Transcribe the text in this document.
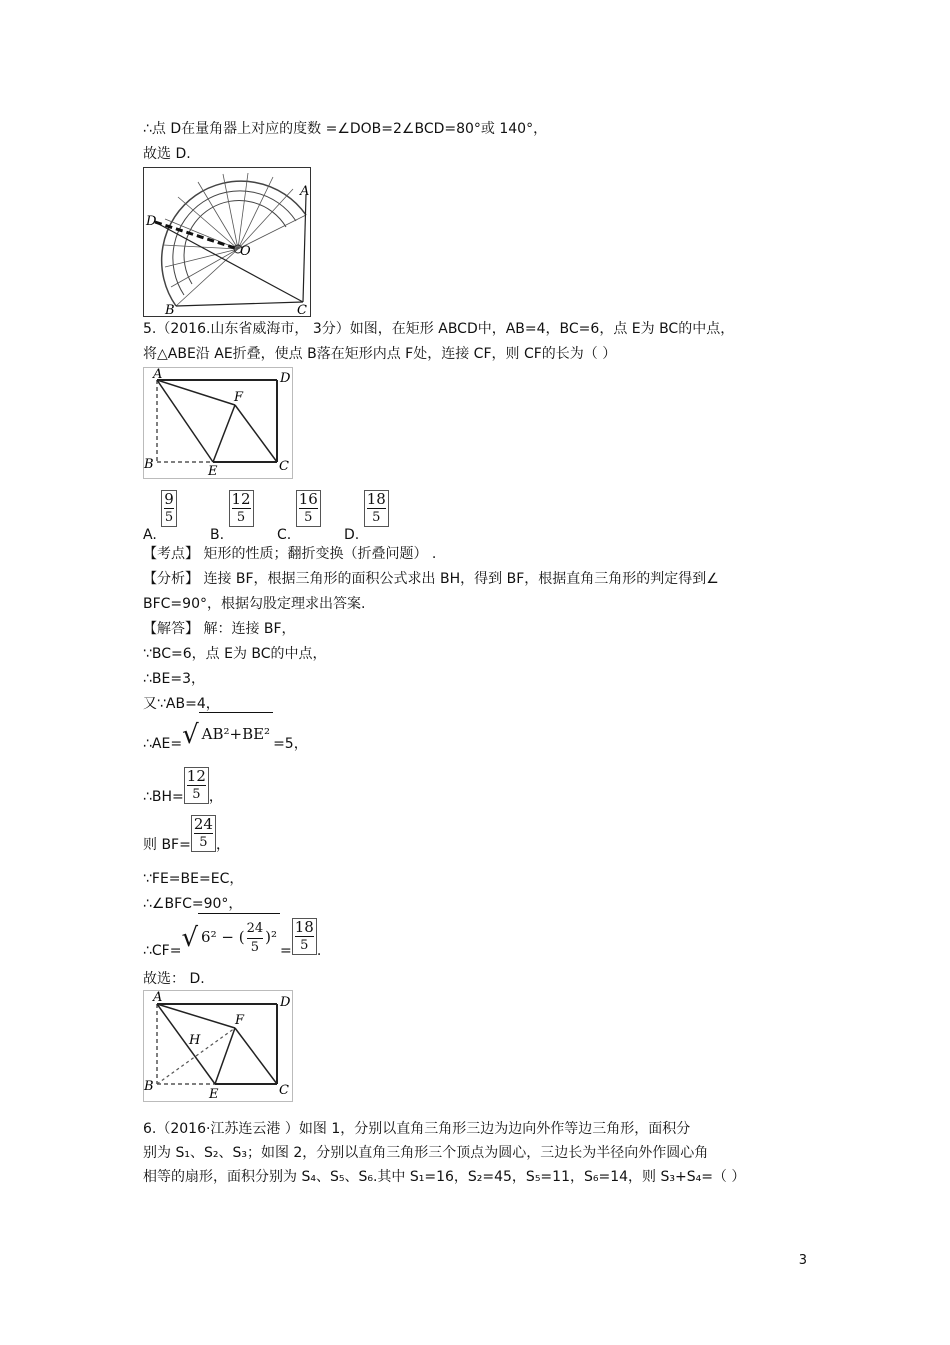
∴点 D在量角器上对应的度数 =∠DOB=2∠BCD=80°或 140°，
故选 D.
D
A
B	C
O
5.（2016.山东省威海市， 3分）如图，在矩形 ABCD中，AB=4，BC=6，点 E为 BC的中点，
将△ABE沿 AE折叠，使点 B落在矩形内点 F处，连接 CF，则 CF的长为（ ）
A	D
B	C
E
F
A.
$\frac{9}{5}$
B.
$\frac{12}{5}$
C.
$\frac{16}{5}$
D.
$\frac{18}{5}$
【考点】 矩形的性质；翻折变换（折叠问题） .
【分析】 连接 BF，根据三角形的面积公式求出 BH，得到 BF，根据直角三角形的判定得到∠
BFC=90°，根据勾股定理求出答案.
【解答】 解：连接 BF，
∵BC=6，点 E为 BC的中点，
∴BE=3，
又∵AB=4，
∴AE=√ AB²+BE²=5，
∴BH= $\frac{12}{5}$ ，
则 $BF= \frac{24}{5}$ ，
∵FE=BE=EC，
∴∠BFC=90°，
∴CF=√ 6² − ( $\frac{24}{5} )^2= \frac{18}{5}$ .
故选： D.
A	D
B	C
E
F
H
6.（2016·江苏连云港 ）如图 1，分别以直角三角形三边为边向外作等边三角形，面积分
别为 S₁、S₂、S₃；如图 2，分别以直角三角形三个顶点为圆心，三边长为半径向外作圆心角
相等的扇形，面积分别为 S₄、S₅、S₆.其中 S₁=16，S₂=45，S₅=11，S₆=14，则 S₃+S₄=（ ）
3
